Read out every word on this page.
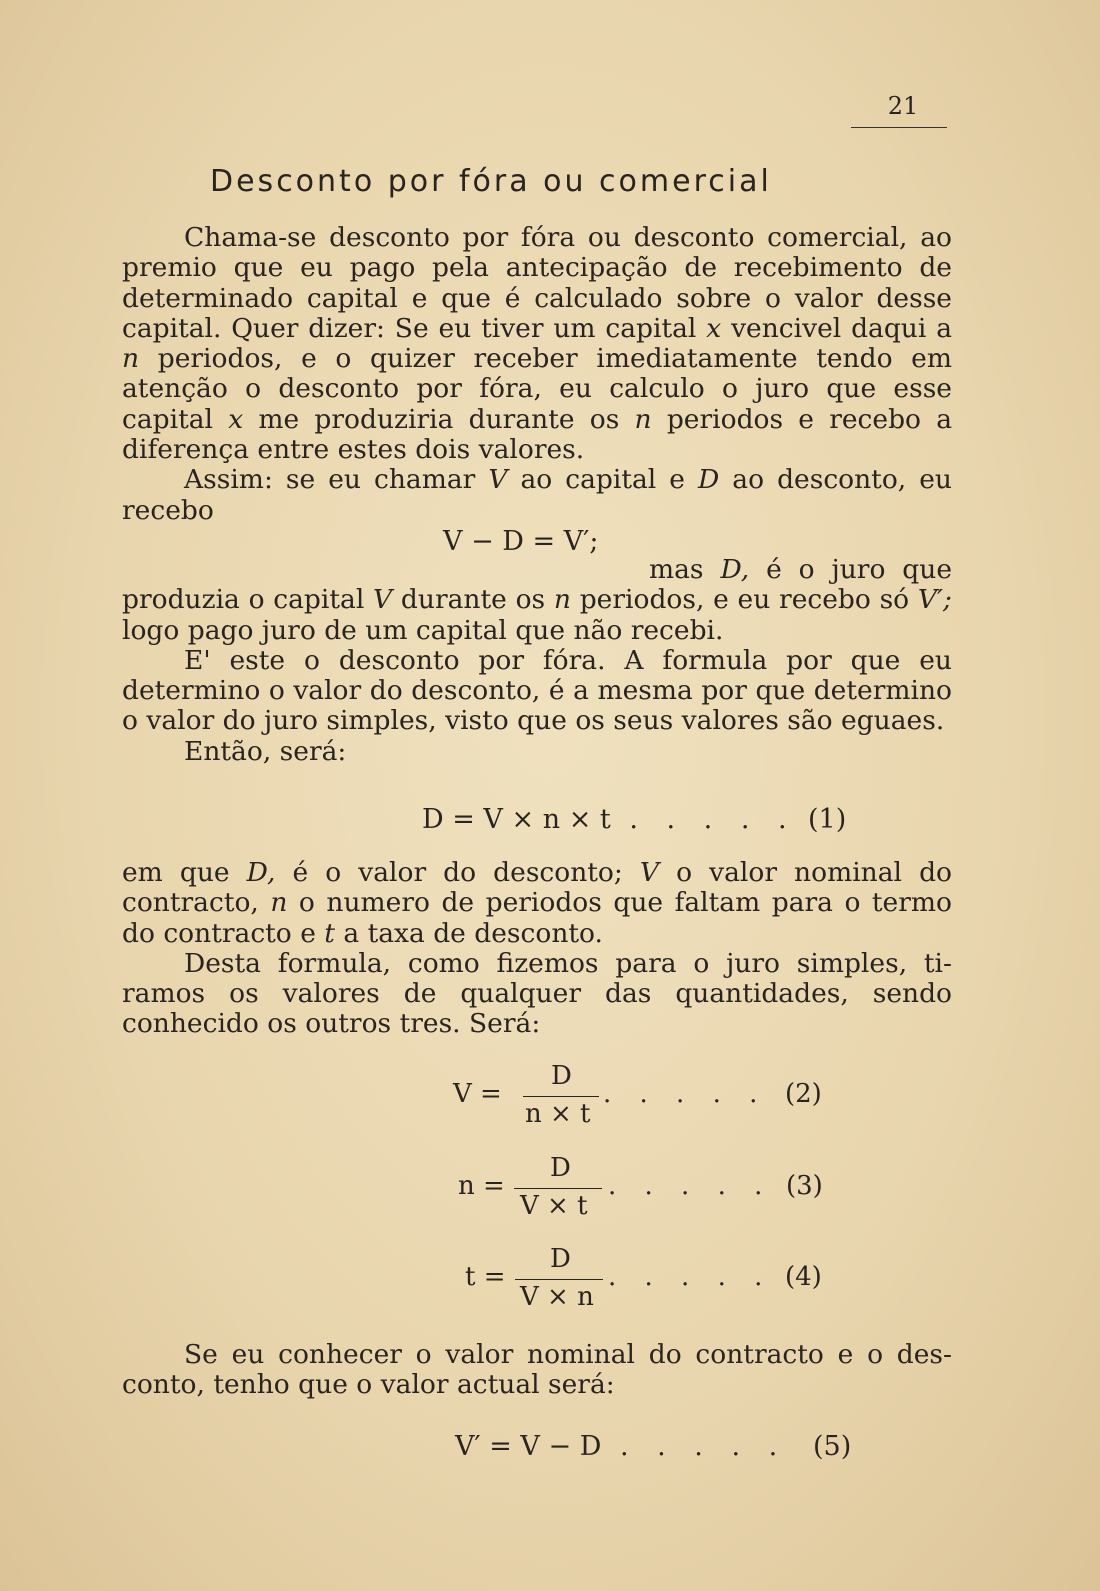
21
Desconto por fóra ou comercial

Chama-se desconto por fóra ou desconto comercial, ao premio que eu pago pela antecipação de recebimento de determinado capital e que é calculado sobre o valor desse capital. Quer dizer: Se eu tiver um capital x vencivel daqui a n periodos, e o quizer receber imediatamente tendo em atenção o desconto por fóra, eu calculo o juro que esse capital x me produziria durante os n periodos e recebo a diferença entre estes dois valores.

Assim: se eu chamar V ao capital e D ao desconto, eu recebo

V − D = V′;

mas D, é o juro que produzia o capital V durante os n periodos, e eu recebo só V′; logo pago juro de um capital que não recebi.

E' este o desconto por fóra. A formula por que eu determino o valor do desconto, é a mesma por que determino o valor do juro simples, visto que os seus valores são eguaes.

Então, será:

D = V × n × t . . . . . (1)

em que D, é o valor do desconto; V o valor nominal do contracto, n o numero de periodos que faltam para o termo do contracto e t a taxa de desconto.

Desta formula, como fizemos para o juro simples, tiramos os valores de qualquer das quantidades, sendo conhecido os outros tres. Será:

V =
D
n × t
. . . . . (2)
n =
D
V × t
. . . . . (3)
t =
D
V × n
. . . . . (4)

Se eu conhecer o valor nominal do contracto e o desconto, tenho que o valor actual será:

V′ = V − D . . . . . (5)
